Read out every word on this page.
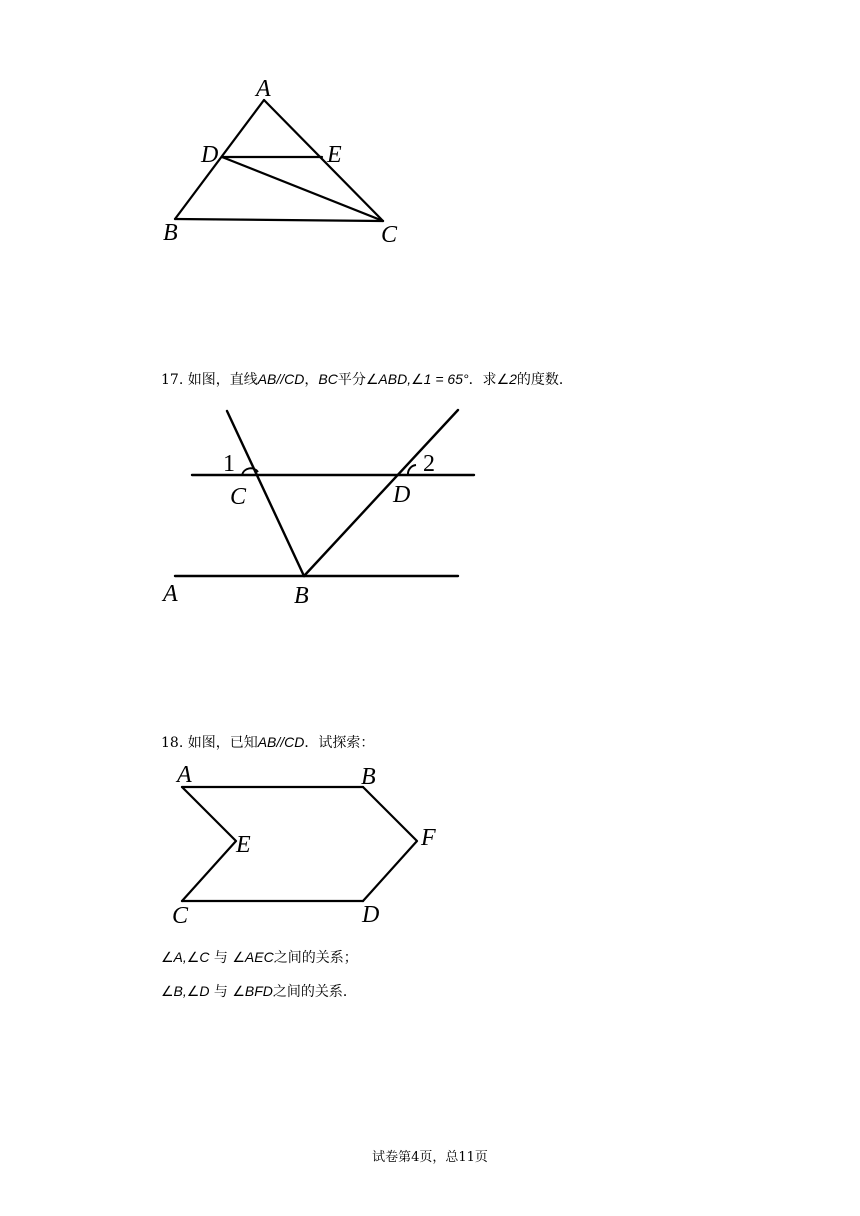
A
D	E
B	C
1	2
C	D
A	B
A	B
E	F
C	D
17. 如图，直线AB//CD，BC平分∠ABD,∠1 = 65°．求∠2的度数．
18. 如图，已知AB//CD．试探索：
∠A,∠C 与 ∠AEC之间的关系；
∠B,∠D 与 ∠BFD之间的关系．
试卷第4页，总11页
